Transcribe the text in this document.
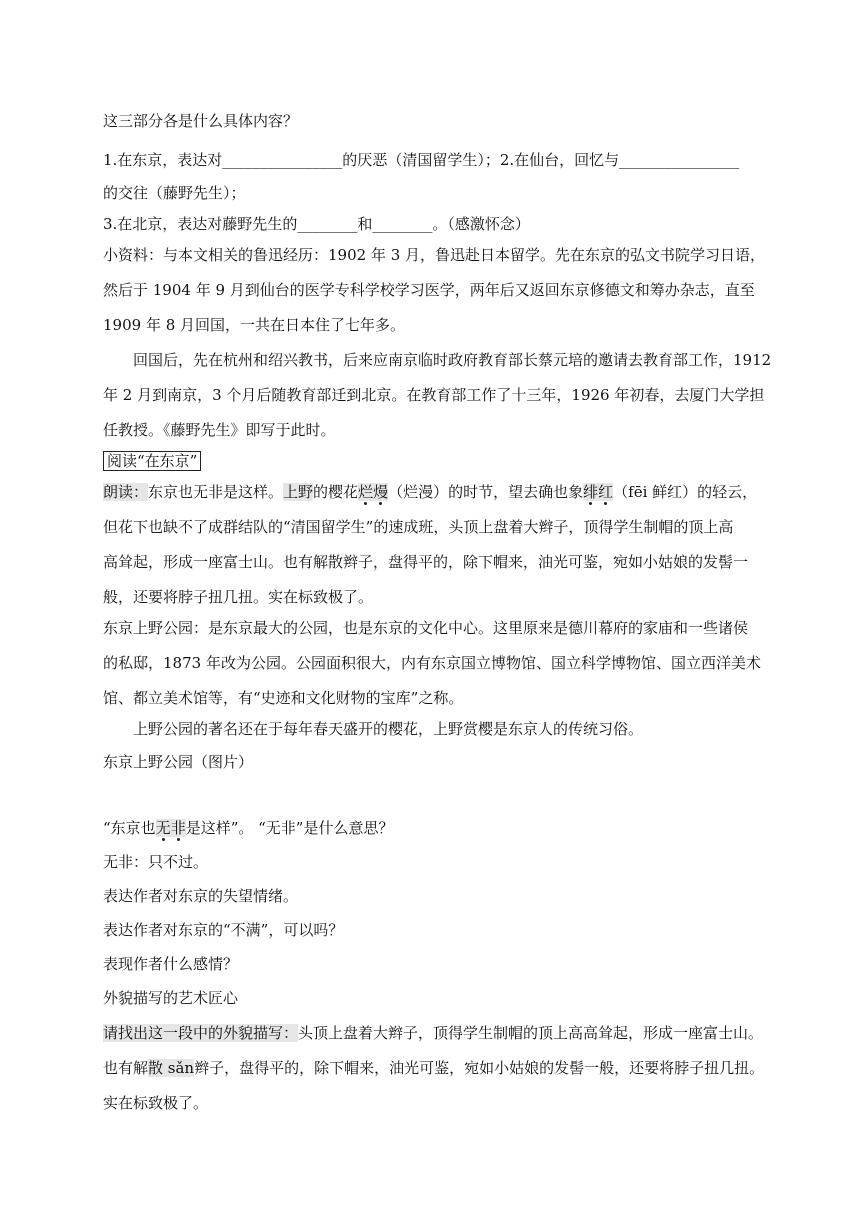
这三部分各是什么具体内容？
1.在东京，表达对________________的厌恶（清国留学生）；2.在仙台，回忆与________________
的交往（藤野先生）；
3.在北京，表达对藤野先生的________和________。（感激怀念）
小资料：与本文相关的鲁迅经历：1902 年 3 月，鲁迅赴日本留学。先在东京的弘文书院学习日语，
然后于 1904 年 9 月到仙台的医学专科学校学习医学，两年后又返回东京修德文和筹办杂志，直至
1909 年 8 月回国，一共在日本住了七年多。
回国后，先在杭州和绍兴教书，后来应南京临时政府教育部长蔡元培的邀请去教育部工作，1912
年 2 月到南京，3 个月后随教育部迁到北京。在教育部工作了十三年，1926 年初春，去厦门大学担
任教授。《藤野先生》即写于此时。
阅读“在东京”
朗读：东京也无非是这样。上野的樱花烂熳（烂漫）的时节，望去确也象绯红（fēi 鲜红）的轻云，
但花下也缺不了成群结队的“清国留学生”的速成班，头顶上盘着大辫子，顶得学生制帽的顶上高
高耸起，形成一座富士山。也有解散辫子，盘得平的，除下帽来，油光可鉴，宛如小姑娘的发髻一
般，还要将脖子扭几扭。实在标致极了。
东京上野公园：是东京最大的公园，也是东京的文化中心。这里原来是德川幕府的家庙和一些诸侯
的私邸，1873 年改为公园。公园面积很大，内有东京国立博物馆、国立科学博物馆、国立西洋美术
馆、都立美术馆等，有“史迹和文化财物的宝库”之称。
上野公园的著名还在于每年春天盛开的樱花，上野赏樱是东京人的传统习俗。
东京上野公园（图片）
“东京也无非是这样”。 “无非”是什么意思？
无非：只不过。
表达作者对东京的失望情绪。
表达作者对东京的“不满”，可以吗？
表现作者什么感情？
外貌描写的艺术匠心
请找出这一段中的外貌描写：头顶上盘着大辫子，顶得学生制帽的顶上高高耸起，形成一座富士山。
也有解散 sǎn辫子，盘得平的，除下帽来，油光可鉴，宛如小姑娘的发髻一般，还要将脖子扭几扭。
实在标致极了。
